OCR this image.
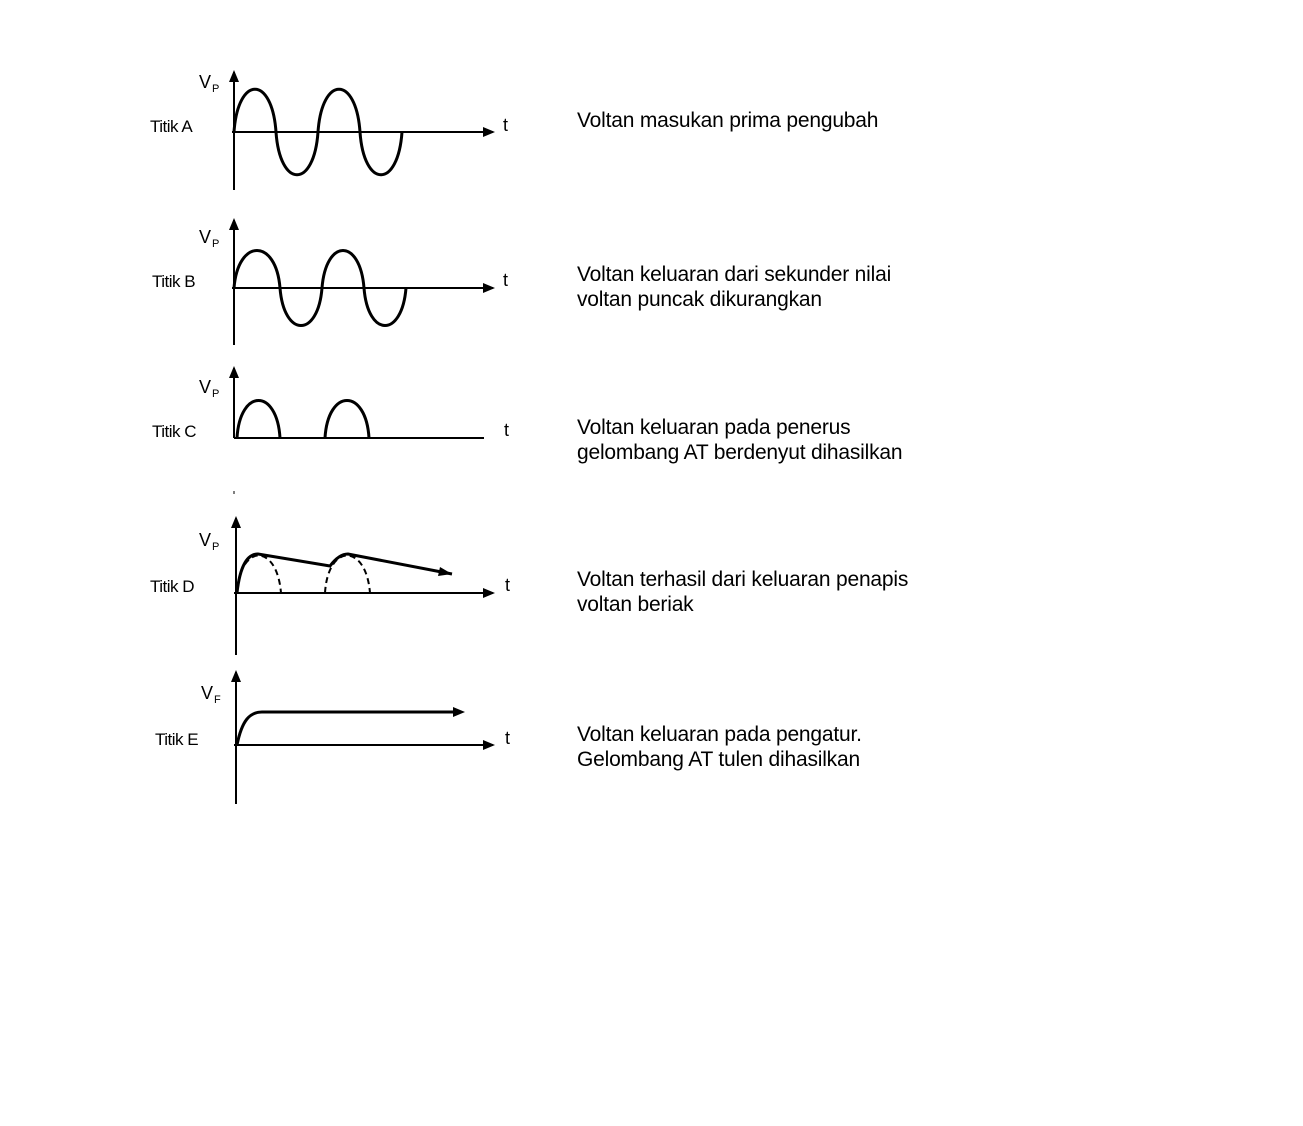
$V_P$
Titik A	t	Voltan masukan prima pengubah
$V_P$
Titik B	t	Voltan keluaran dari sekunder nilai
voltan puncak dikurangkan
$V_P$
Titik C	t	Voltan keluaran pada penerus
gelombang AT berdenyut dihasilkan
$V_P$
Titik D	t	Voltan terhasil dari keluaran penapis
voltan beriak
$V_F$
Titik E	t	Voltan keluaran pada pengatur.
Gelombang AT tulen dihasilkan
